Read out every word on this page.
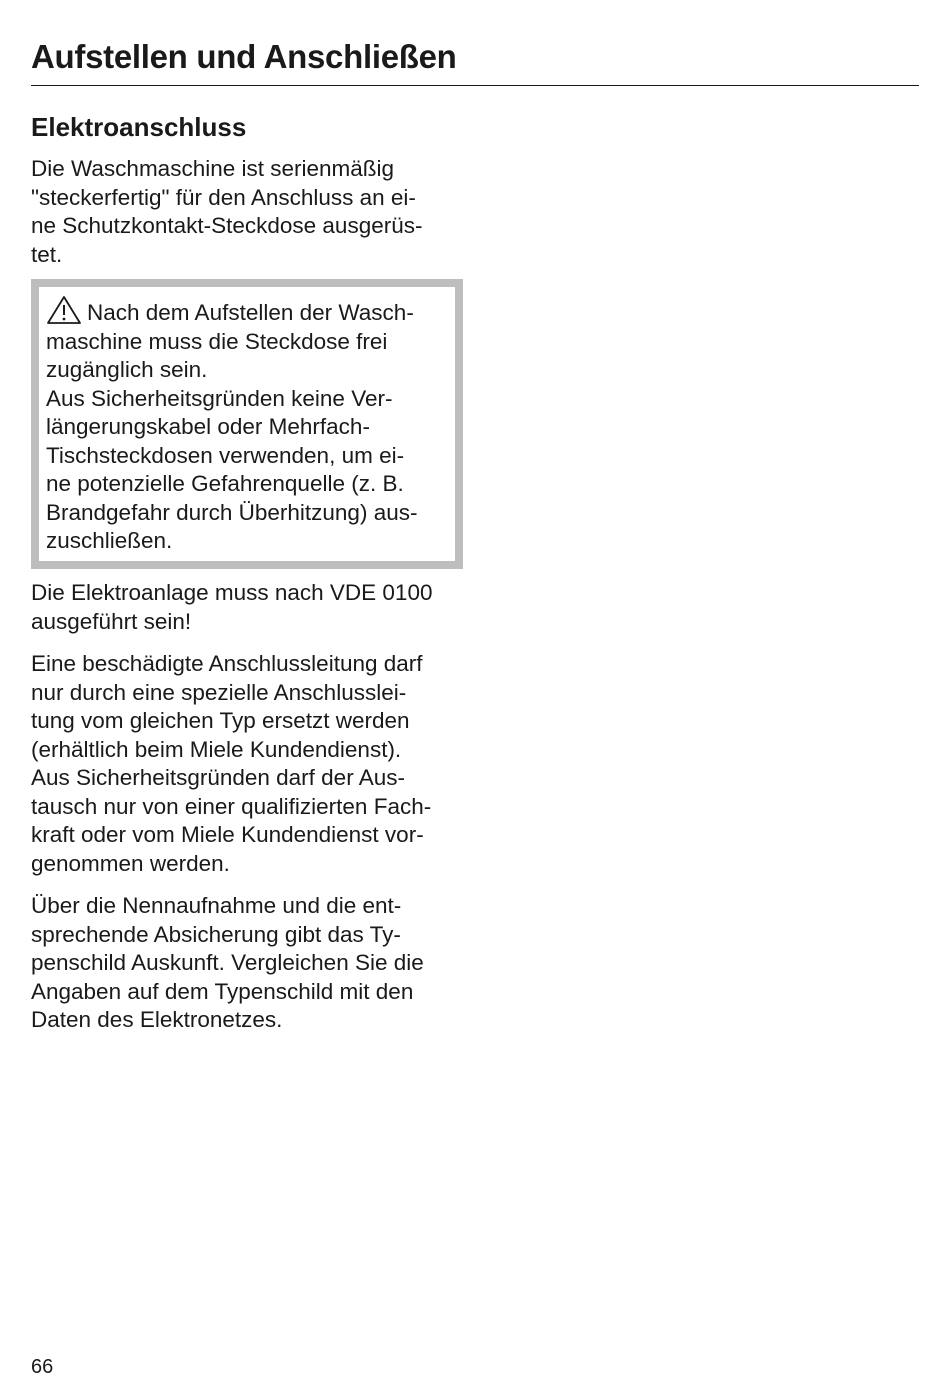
Aufstellen und Anschließen
Elektroanschluss
Die Waschmaschine ist serienmäßig
"steckerfertig" für den Anschluss an ei-
ne Schutzkontakt-Steckdose ausgerüs-
tet.
Nach dem Aufstellen der Wasch-
maschine muss die Steckdose frei
zugänglich sein.
Aus Sicherheitsgründen keine Ver-
längerungskabel oder Mehrfach-
Tischsteckdosen verwenden, um ei-
ne potenzielle Gefahrenquelle (z. B.
Brandgefahr durch Überhitzung) aus-
zuschließen.
Die Elektroanlage muss nach VDE 0100
ausgeführt sein!
Eine beschädigte Anschlussleitung darf
nur durch eine spezielle Anschlusslei-
tung vom gleichen Typ ersetzt werden
(erhältlich beim Miele Kundendienst).
Aus Sicherheitsgründen darf der Aus-
tausch nur von einer qualifizierten Fach-
kraft oder vom Miele Kundendienst vor-
genommen werden.
Über die Nennaufnahme und die ent-
sprechende Absicherung gibt das Ty-
penschild Auskunft. Vergleichen Sie die
Angaben auf dem Typenschild mit den
Daten des Elektronetzes.
66
